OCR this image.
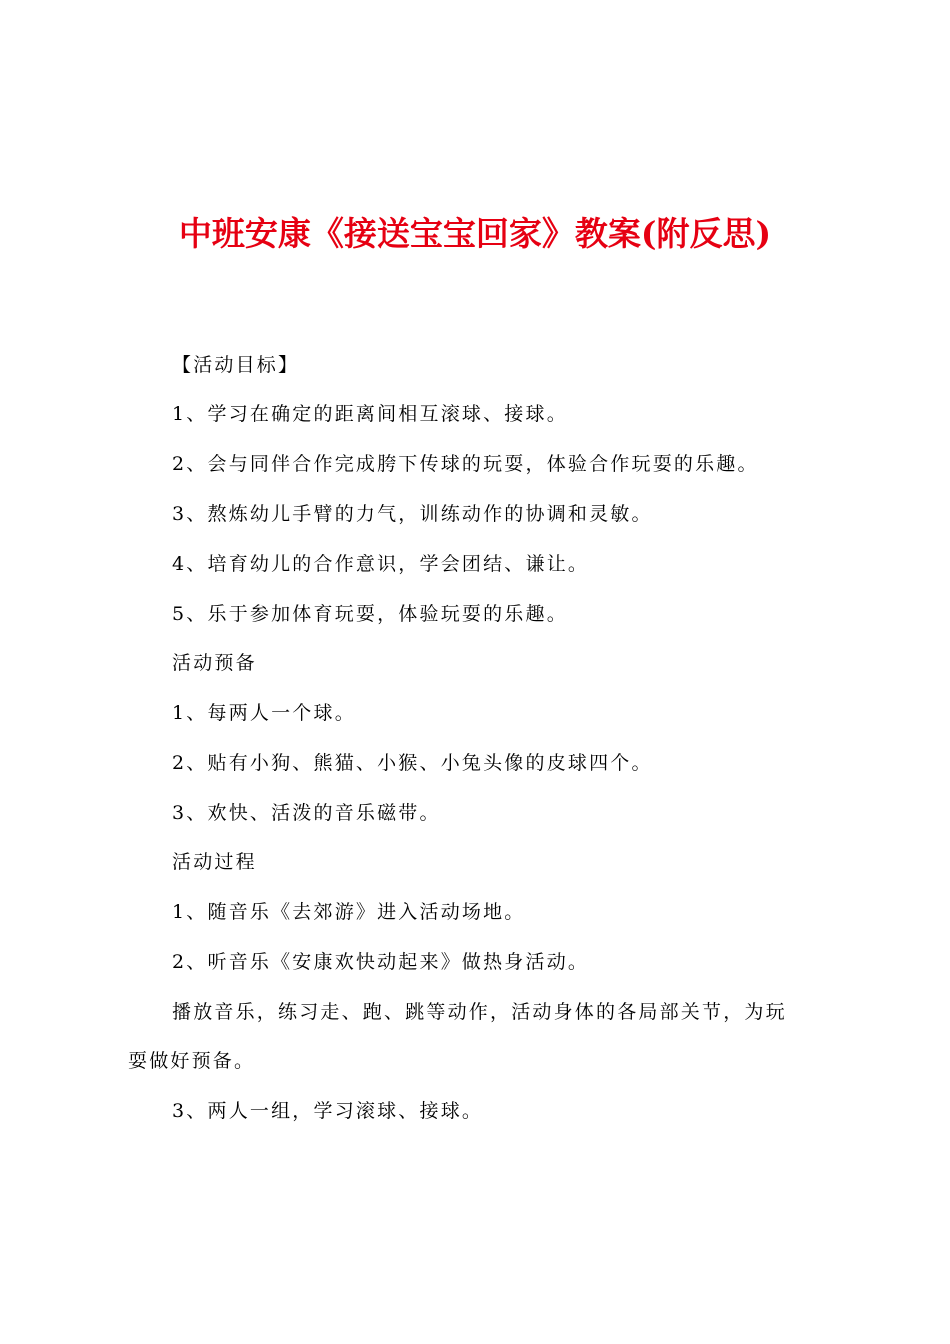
中班安康《接送宝宝回家》教案(附反思)
【活动目标】
1、学习在确定的距离间相互滚球、接球。
2、会与同伴合作完成胯下传球的玩耍，体验合作玩耍的乐趣。
3、熬炼幼儿手臂的力气，训练动作的协调和灵敏。
4、培育幼儿的合作意识，学会团结、谦让。
5、乐于参加体育玩耍，体验玩耍的乐趣。
活动预备
1、每两人一个球。
2、贴有小狗、熊猫、小猴、小兔头像的皮球四个。
3、欢快、活泼的音乐磁带。
活动过程
1、随音乐《去郊游》进入活动场地。
2、听音乐《安康欢快动起来》做热身活动。
播放音乐，练习走、跑、跳等动作，活动身体的各局部关节，为玩
耍做好预备。
3、两人一组，学习滚球、接球。
